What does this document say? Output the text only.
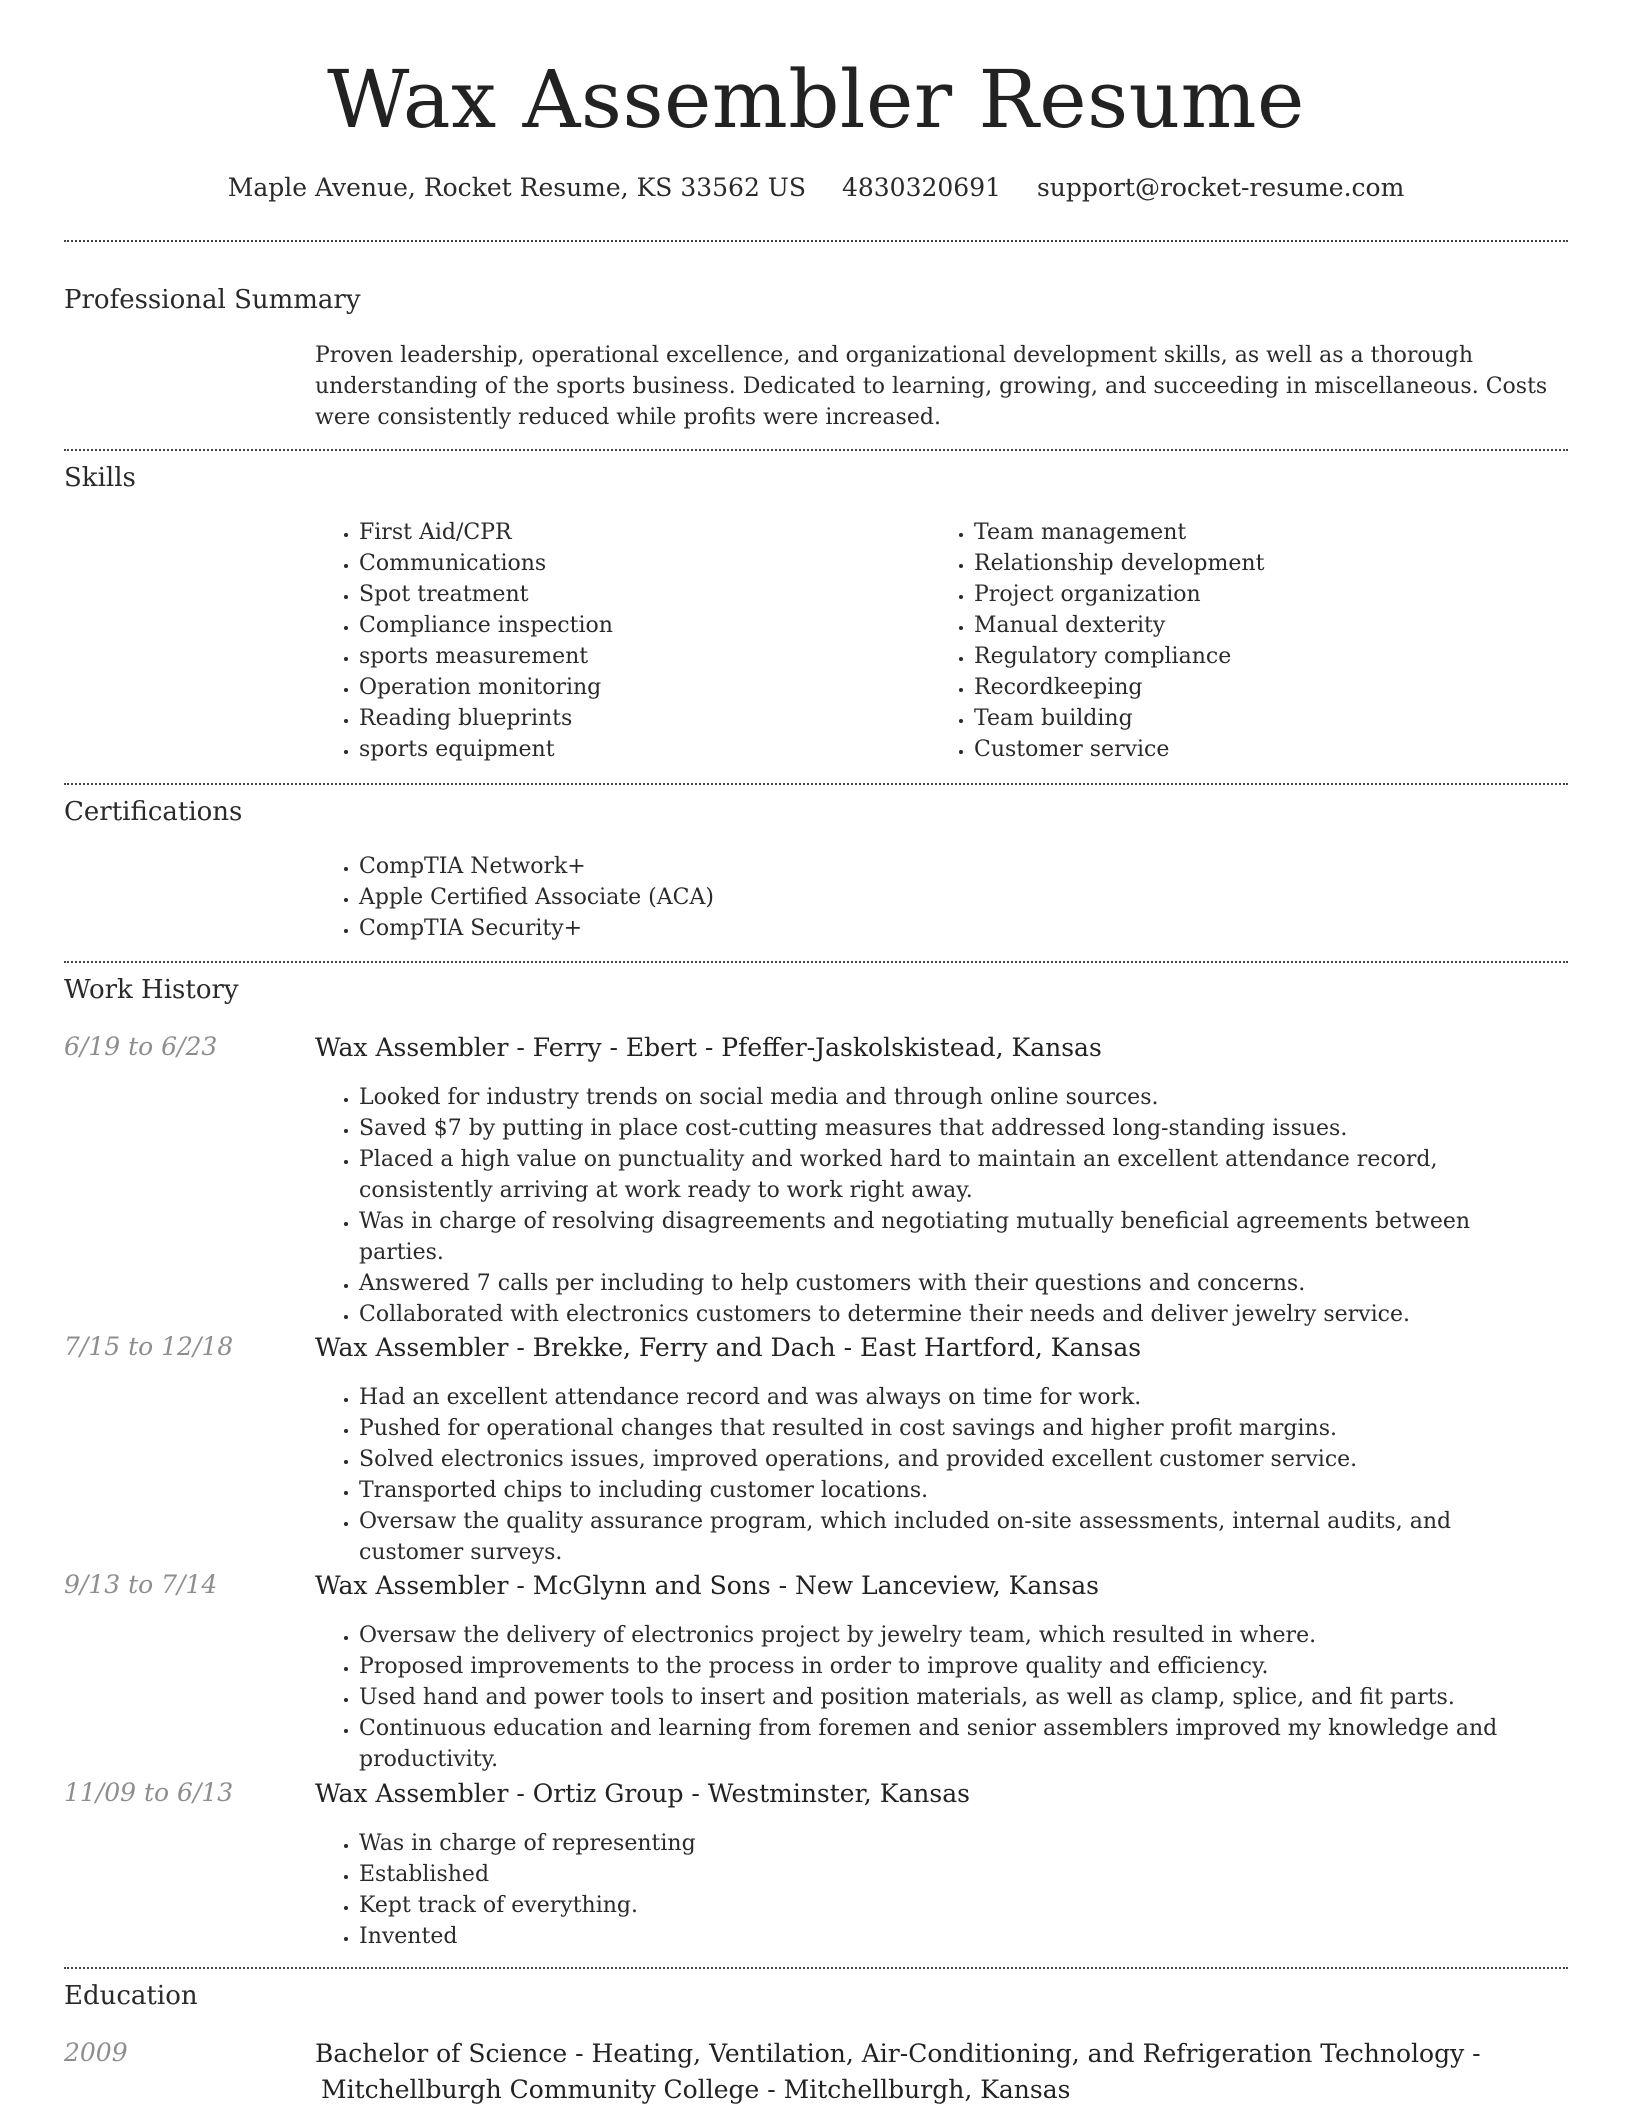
Wax Assembler Resume
Maple Avenue, Rocket Resume, KS 33562 US 4830320691 support@rocket-resume.com
Professional Summary
Proven leadership, operational excellence, and organizational development skills, as well as a thorough understanding of the sports business. Dedicated to learning, growing, and succeeding in miscellaneous. Costs were consistently reduced while profits were increased.
Skills
• First Aid/CPR
• Communications
• Spot treatment
• Compliance inspection
• sports measurement
• Operation monitoring
• Reading blueprints
• sports equipment
• Team management
• Relationship development
• Project organization
• Manual dexterity
• Regulatory compliance
• Recordkeeping
• Team building
• Customer service
Certifications
• CompTIA Network+
• Apple Certified Associate (ACA)
• CompTIA Security+
Work History
6/19 to 6/23	Wax Assembler - Ferry - Ebert - Pfeffer-Jaskolskistead, Kansas
• Looked for industry trends on social media and through online sources.
• Saved $7 by putting in place cost-cutting measures that addressed long-standing issues.
• Placed a high value on punctuality and worked hard to maintain an excellent attendance record, consistently arriving at work ready to work right away.
• Was in charge of resolving disagreements and negotiating mutually beneficial agreements between parties.
• Answered 7 calls per including to help customers with their questions and concerns.
• Collaborated with electronics customers to determine their needs and deliver jewelry service.
7/15 to 12/18	Wax Assembler - Brekke, Ferry and Dach - East Hartford, Kansas
• Had an excellent attendance record and was always on time for work.
• Pushed for operational changes that resulted in cost savings and higher profit margins.
• Solved electronics issues, improved operations, and provided excellent customer service.
• Transported chips to including customer locations.
• Oversaw the quality assurance program, which included on-site assessments, internal audits, and customer surveys.
9/13 to 7/14	Wax Assembler - McGlynn and Sons - New Lanceview, Kansas
• Oversaw the delivery of electronics project by jewelry team, which resulted in where.
• Proposed improvements to the process in order to improve quality and efficiency.
• Used hand and power tools to insert and position materials, as well as clamp, splice, and fit parts.
• Continuous education and learning from foremen and senior assemblers improved my knowledge and productivity.
11/09 to 6/13	Wax Assembler - Ortiz Group - Westminster, Kansas
• Was in charge of representing
• Established
• Kept track of everything.
• Invented
Education
2009	Bachelor of Science - Heating, Ventilation, Air-Conditioning, and Refrigeration Technology -
Mitchellburgh Community College - Mitchellburgh, Kansas
